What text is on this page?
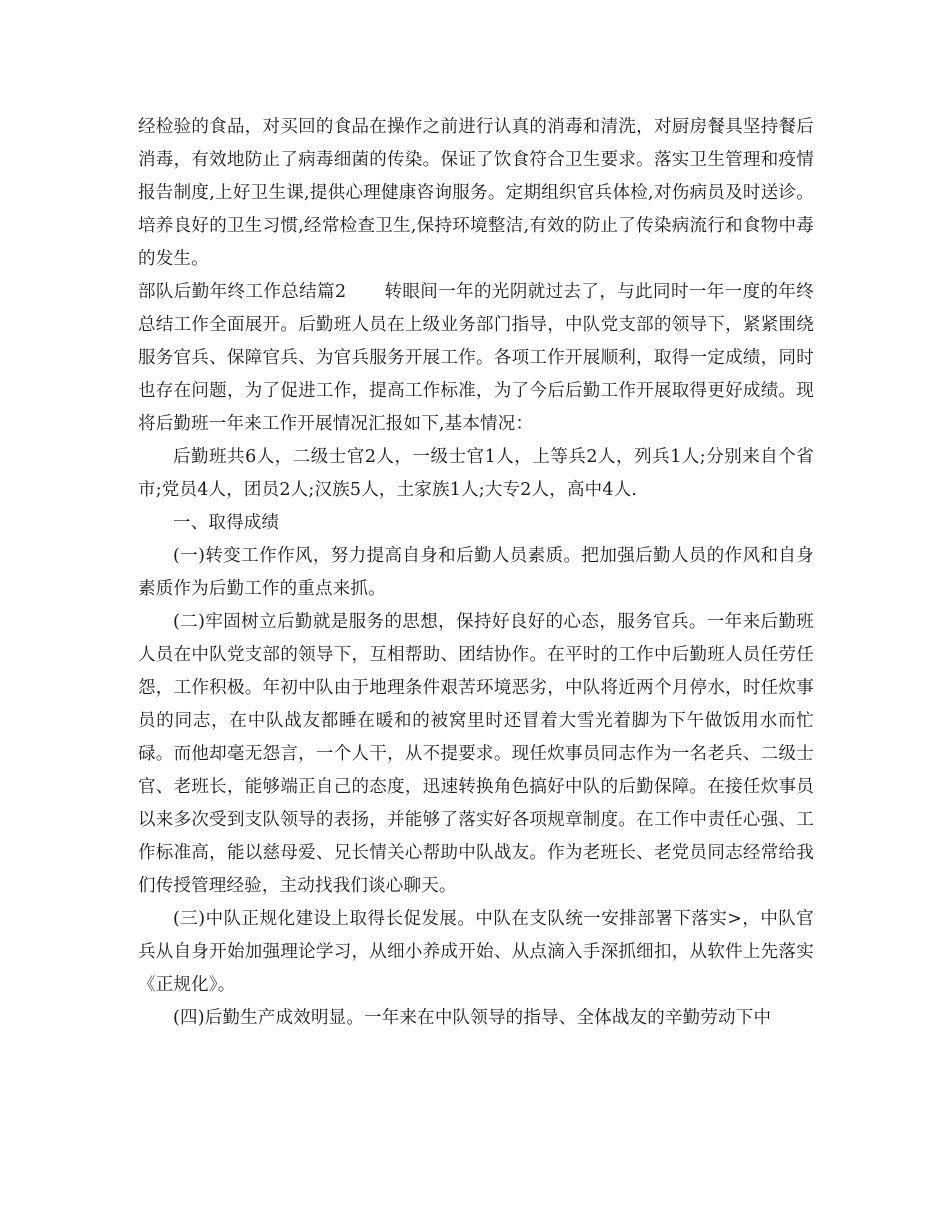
经检验的食品，对买回的食品在操作之前进行认真的消毒和清洗，对厨房餐具坚持餐后消毒，有效地防止了病毒细菌的传染。保证了饮食符合卫生要求。落实卫生管理和疫情报告制度,上好卫生课,提供心理健康咨询服务。定期组织官兵体检,对伤病员及时送诊。培养良好的卫生习惯,经常检查卫生,保持环境整洁,有效的防止了传染病流行和食物中毒的发生。

部队后勤年终工作总结篇2 转眼间一年的光阴就过去了，与此同时一年一度的年终总结工作全面展开。后勤班人员在上级业务部门指导，中队党支部的领导下，紧紧围绕服务官兵、保障官兵、为官兵服务开展工作。各项工作开展顺利，取得一定成绩，同时也存在问题，为了促进工作，提高工作标准，为了今后后勤工作开展取得更好成绩。现将后勤班一年来工作开展情况汇报如下,基本情况：

后勤班共6人，二级士官2人，一级士官1人，上等兵2人，列兵1人;分别来自个省市;党员4人，团员2人;汉族5人，土家族1人;大专2人，高中4人.

一、取得成绩

(一)转变工作作风，努力提高自身和后勤人员素质。把加强后勤人员的作风和自身素质作为后勤工作的重点来抓。

(二)牢固树立后勤就是服务的思想，保持好良好的心态，服务官兵。一年来后勤班人员在中队党支部的领导下，互相帮助、团结协作。在平时的工作中后勤班人员任劳任怨，工作积极。年初中队由于地理条件艰苦环境恶劣，中队将近两个月停水，时任炊事员的同志，在中队战友都睡在暖和的被窝里时还冒着大雪光着脚为下午做饭用水而忙碌。而他却毫无怨言，一个人干，从不提要求。现任炊事员同志作为一名老兵、二级士官、老班长，能够端正自己的态度，迅速转换角色搞好中队的后勤保障。在接任炊事员以来多次受到支队领导的表扬，并能够了落实好各项规章制度。在工作中责任心强、工作标准高，能以慈母爱、兄长情关心帮助中队战友。作为老班长、老党员同志经常给我们传授管理经验，主动找我们谈心聊天。

(三)中队正规化建设上取得长促发展。中队在支队统一安排部署下落实>，中队官兵从自身开始加强理论学习，从细小养成开始、从点滴入手深抓细扣，从软件上先落实《正规化》。

(四)后勤生产成效明显。一年来在中队领导的指导、全体战友的辛勤劳动下中
